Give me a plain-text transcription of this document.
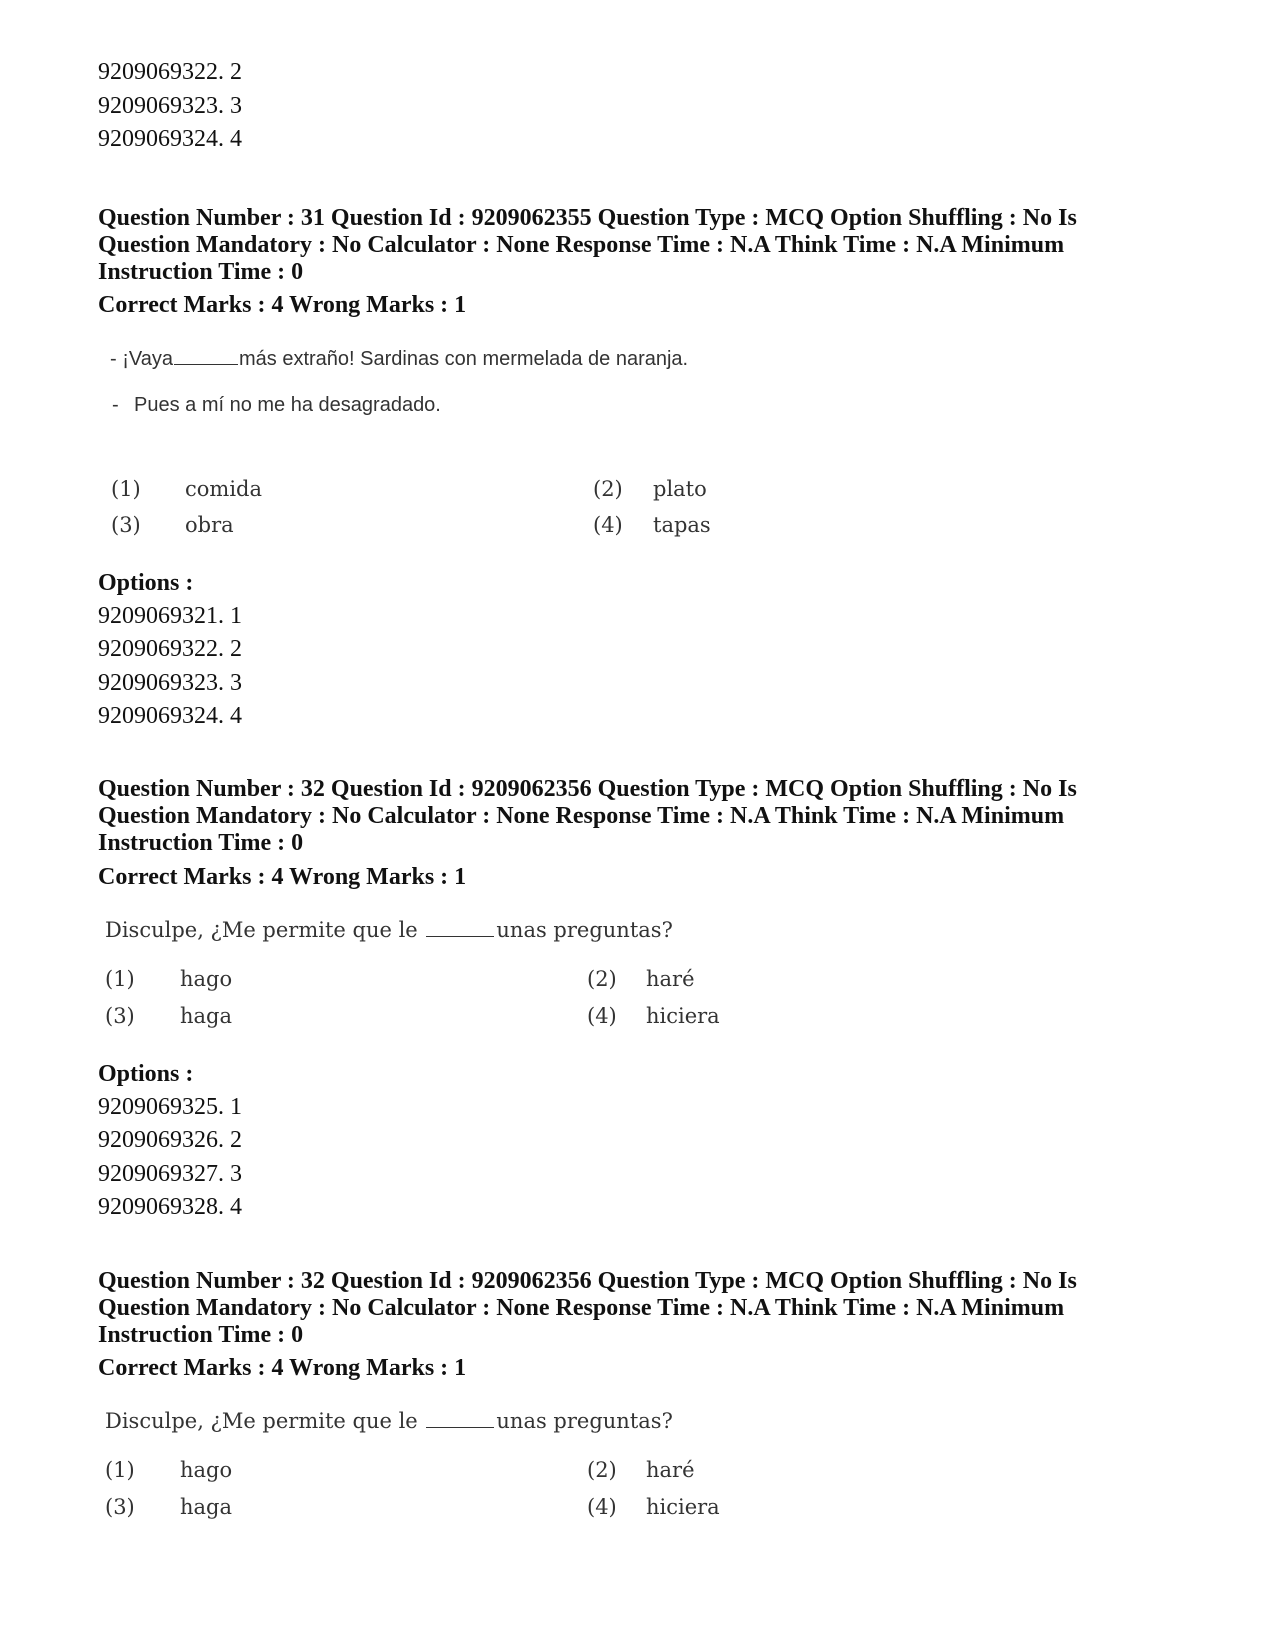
9209069322. 2
9209069323. 3
9209069324. 4
Question Number : 31 Question Id : 9209062355 Question Type : MCQ Option Shuffling : No Is
Question Mandatory : No Calculator : None Response Time : N.A Think Time : N.A Minimum
Instruction Time : 0
Correct Marks : 4 Wrong Marks : 1
- ¡Vaya	más extraño! Sardinas con mermelada de naranja.
- Pues a mí no me ha desagradado.
(1) comida	(2) plato
(3) obra	(4) tapas
Options :
9209069321. 1
9209069322. 2
9209069323. 3
9209069324. 4
Question Number : 32 Question Id : 9209062356 Question Type : MCQ Option Shuffling : No Is
Question Mandatory : No Calculator : None Response Time : N.A Think Time : N.A Minimum
Instruction Time : 0
Correct Marks : 4 Wrong Marks : 1
Disculpe, ¿Me permite que le	unas preguntas?
(1) hago	(2) haré
(3) haga	(4) hiciera
Options :
9209069325. 1
9209069326. 2
9209069327. 3
9209069328. 4
Question Number : 32 Question Id : 9209062356 Question Type : MCQ Option Shuffling : No Is
Question Mandatory : No Calculator : None Response Time : N.A Think Time : N.A Minimum
Instruction Time : 0
Correct Marks : 4 Wrong Marks : 1
Disculpe, ¿Me permite que le	unas preguntas?
(1) hago	(2) haré
(3) haga	(4) hiciera
